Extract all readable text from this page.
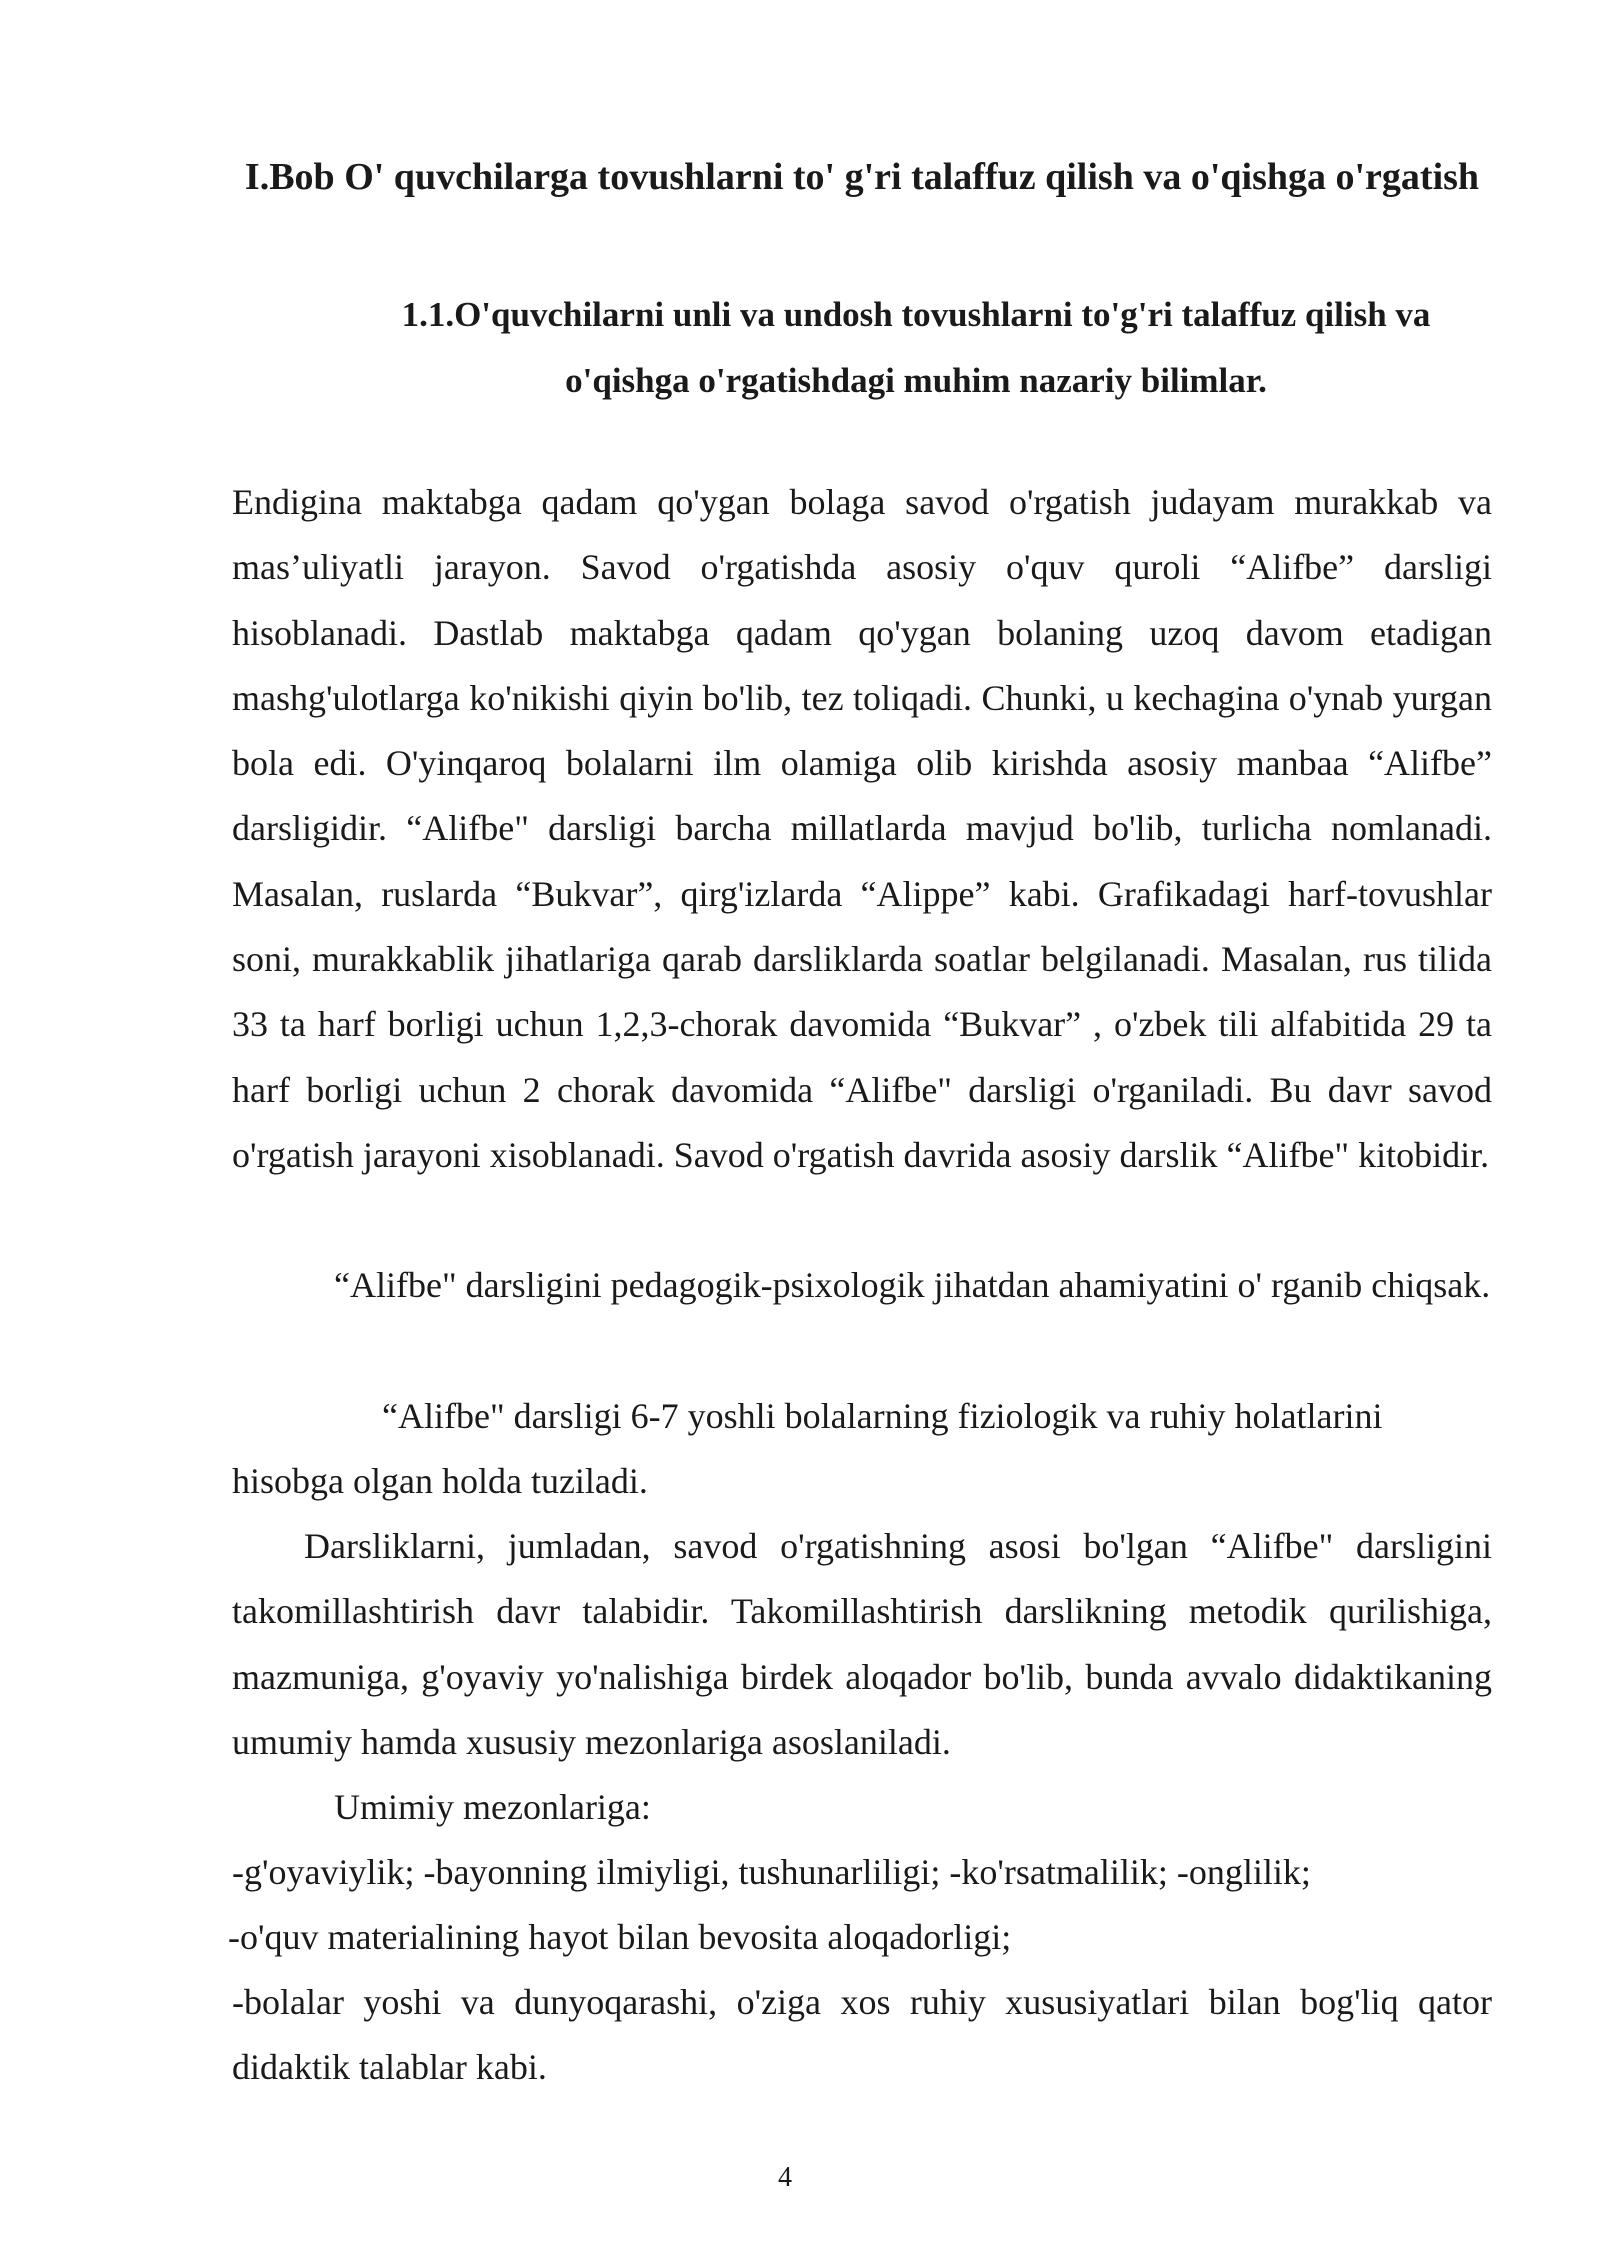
I.Bob O' quvchilarga tovushlarni to' g'ri talaffuz qilish va o'qishga o'rgatish
1.1.O'quvchilarni unli va undosh tovushlarni to'g'ri talaffuz qilish va o'qishga o'rgatishdagi muhim nazariy bilimlar.

Endigina maktabga qadam qo'ygan bolaga savod o'rgatish judayam murakkab va mas’uliyatli jarayon. Savod o'rgatishda asosiy o'quv quroli “Alifbe” darsligi hisoblanadi. Dastlab maktabga qadam qo'ygan bolaning uzoq davom etadigan mashg'ulotlarga ko'nikishi qiyin bo'lib, tez toliqadi. Chunki, u kechagina o'ynab yurgan bola edi. O'yinqaroq bolalarni ilm olamiga olib kirishda asosiy manbaa “Alifbe” darsligidir. “Alifbe" darsligi barcha millatlarda mavjud bo'lib, turlicha nomlanadi. Masalan, ruslarda “Bukvar”, qirg'izlarda “Alippe” kabi. Grafikadagi harf-tovushlar soni, murakkablik jihatlariga qarab darsliklarda soatlar belgilanadi. Masalan, rus tilida 33 ta harf borligi uchun 1,2,3-chorak davomida “Bukvar” , o'zbek tili alfabitida 29 ta harf borligi uchun 2 chorak davomida “Alifbe" darsligi o'rganiladi. Bu davr savod o'rgatish jarayoni xisoblanadi. Savod o'rgatish davrida asosiy darslik “Alifbe" kitobidir.

“Alifbe" darsligini pedagogik-psixologik jihatdan ahamiyatini o' rganib chiqsak.

“Alifbe" darsligi 6-7 yoshli bolalarning fiziologik va ruhiy holatlarini hisobga olgan holda tuziladi.

Darsliklarni, jumladan, savod o'rgatishning asosi bo'lgan “Alifbe" darsligini takomillashtirish davr talabidir. Takomillashtirish darslikning metodik qurilishiga, mazmuniga, g'oyaviy yo'nalishiga birdek aloqador bo'lib, bunda avvalo didaktikaning umumiy hamda xususiy mezonlariga asoslaniladi.

Umimiy mezonlariga:

-g'oyaviylik; -bayonning ilmiyligi, tushunarliligi; -ko'rsatmalilik; -onglilik;

-o'quv materialining hayot bilan bevosita aloqadorligi;

-bolalar yoshi va dunyoqarashi, o'ziga xos ruhiy xususiyatlari bilan bog'liq qator didaktik talablar kabi.

4
